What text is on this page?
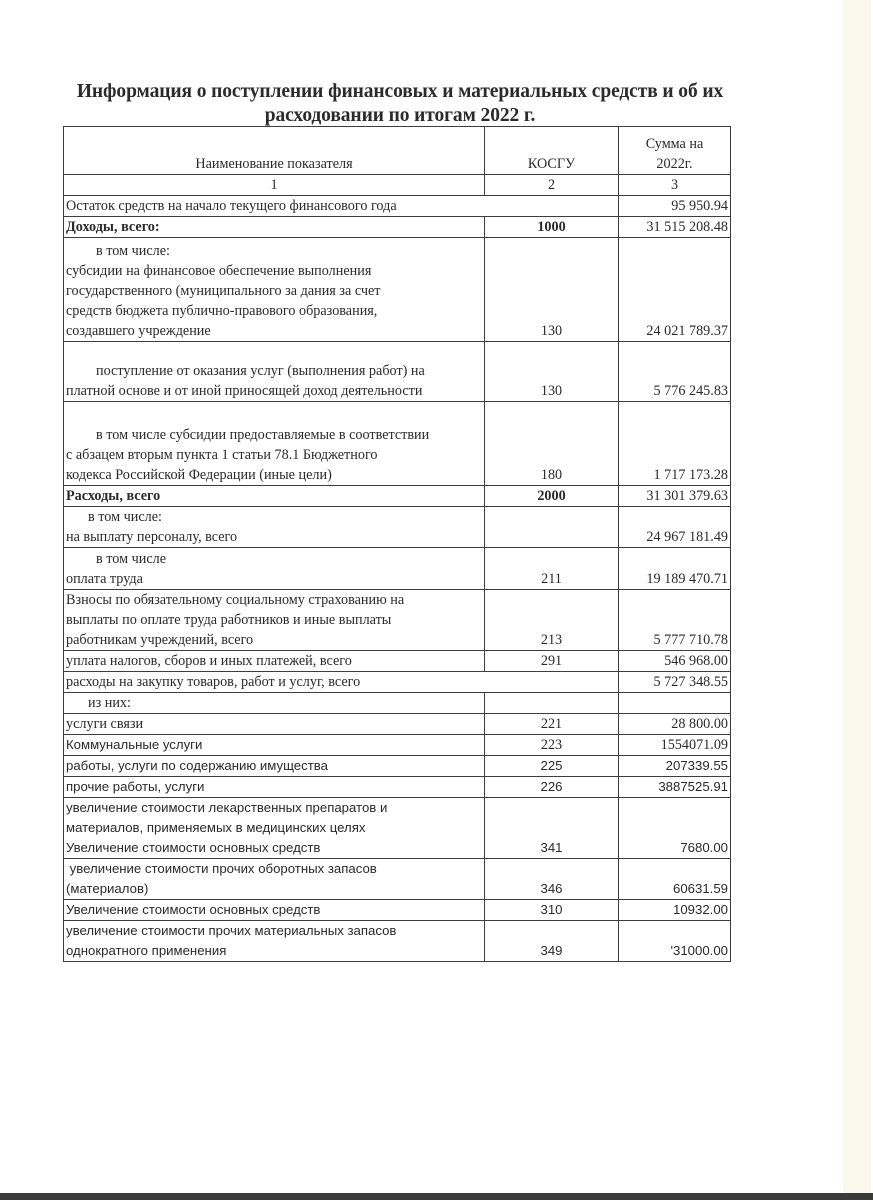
Информация о поступлении финансовых и материальных средств и об их
расходовании по итогам 2022 г.
Наименование показателя	КОСГУ	Сумма на
2022г.

1	2	3

Остаток средств на начало текущего финансового года		95 950.94

Доходы, всего:	1000	31 515 208.48

в том числе:
субсидии на финансовое обеспечение выполнения
государственного (муниципального за дания за счет
средств бюджета публично-правового образования,
создавшего учреждение	130	24 021 789.37

поступление от оказания услуг (выполнения работ) на
платной основе и от иной приносящей доход деятельности	130	5 776 245.83

в том числе субсидии предоставляемые в соответствии
с абзацем вторым пункта 1 статьи 78.1 Бюджетного
кодекса Российской Федерации (иные цели)	180	1 717 173.28

Расходы, всего	2000	31 301 379.63

в том числе:
на выплату персоналу, всего		24 967 181.49

в том числе
оплата труда	211	19 189 470.71

Взносы по обязательному социальному страхованию на
выплаты по оплате труда работников и иные выплаты
работникам учреждений, всего	213	5 777 710.78

уплата налогов, сборов и иных платежей, всего	291	546 968.00

расходы на закупку товаров, работ и услуг, всего		5 727 348.55

из них:		

услуги связи	221	28 800.00

Коммунальные услуги	223	1554071.09

работы, услуги по содержанию имущества	225	207339.55

прочие работы, услуги	226	3887525.91

увеличение стоимости лекарственных препаратов и
материалов, применяемых в медицинских целях
Увеличение стоимости основных средств	341	7680.00

увеличение стоимости прочих оборотных запасов
(материалов)	346	60631.59

Увеличение стоимости основных средств	310	10932.00

увеличение стоимости прочих материальных запасов
однократного применения	349	'31000.00
